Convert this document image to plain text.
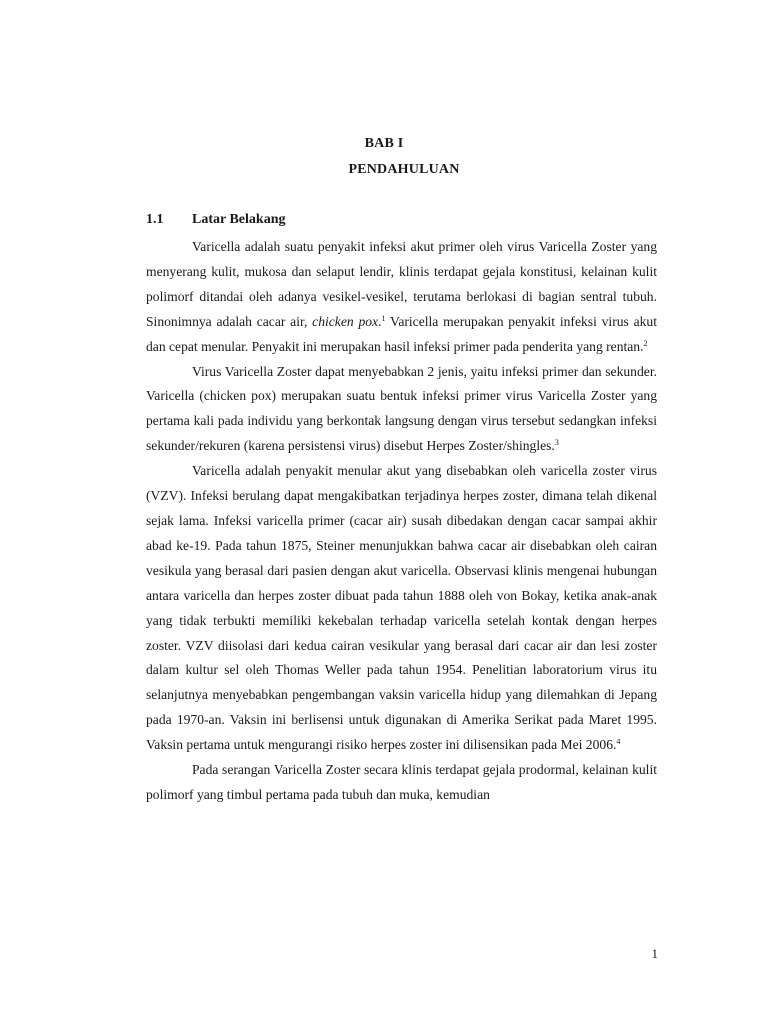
BAB I
PENDAHULUAN
1.1 Latar Belakang

Varicella adalah suatu penyakit infeksi akut primer oleh virus Varicella Zoster yang menyerang kulit, mukosa dan selaput lendir, klinis terdapat gejala konstitusi, kelainan kulit polimorf ditandai oleh adanya vesikel-vesikel, terutama berlokasi di bagian sentral tubuh. Sinonimnya adalah cacar air, chicken pox.$^1$ Varicella merupakan penyakit infeksi virus akut dan cepat menular. Penyakit ini merupakan hasil infeksi primer pada penderita yang rentan.$^2$

Virus Varicella Zoster dapat menyebabkan 2 jenis, yaitu infeksi primer dan sekunder. Varicella (chicken pox) merupakan suatu bentuk infeksi primer virus Varicella Zoster yang pertama kali pada individu yang berkontak langsung dengan virus tersebut sedangkan infeksi sekunder/rekuren (karena persistensi virus) disebut Herpes Zoster/shingles.$^3$

Varicella adalah penyakit menular akut yang disebabkan oleh varicella zoster virus (VZV). Infeksi berulang dapat mengakibatkan terjadinya herpes zoster, dimana telah dikenal sejak lama. Infeksi varicella primer (cacar air) susah dibedakan dengan cacar sampai akhir abad ke-19. Pada tahun 1875, Steiner menunjukkan bahwa cacar air disebabkan oleh cairan vesikula yang berasal dari pasien dengan akut varicella. Observasi klinis mengenai hubungan antara varicella dan herpes zoster dibuat pada tahun 1888 oleh von Bokay, ketika anak-anak yang tidak terbukti memiliki kekebalan terhadap varicella setelah kontak dengan herpes zoster. VZV diisolasi dari kedua cairan vesikular yang berasal dari cacar air dan lesi zoster dalam kultur sel oleh Thomas Weller pada tahun 1954. Penelitian laboratorium virus itu selanjutnya menyebabkan pengembangan vaksin varicella hidup yang dilemahkan di Jepang pada 1970-an. Vaksin ini berlisensi untuk digunakan di Amerika Serikat pada Maret 1995. Vaksin pertama untuk mengurangi risiko herpes zoster ini dilisensikan pada Mei 2006.$^4$

Pada serangan Varicella Zoster secara klinis terdapat gejala prodormal, kelainan kulit polimorf yang timbul pertama pada tubuh dan muka, kemudian

1
